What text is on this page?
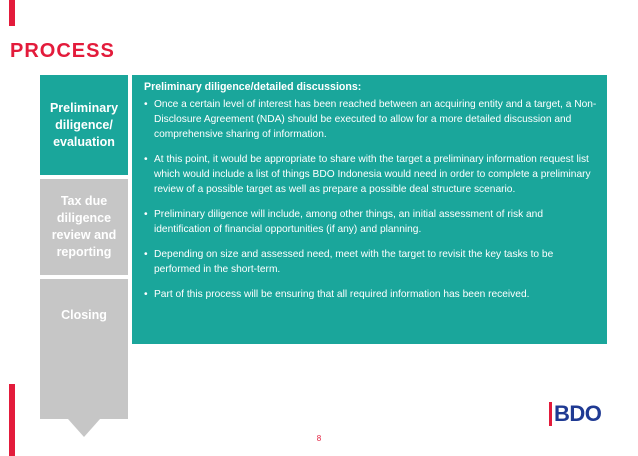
PROCESS
Preliminary diligence/ evaluation
Tax due diligence review and reporting
Closing

Preliminary diligence/detailed discussions:

• Once a certain level of interest has been reached between an acquiring entity and a target, a Non-Disclosure Agreement (NDA) should be executed to allow for a more detailed discussion and comprehensive sharing of information.
• At this point, it would be appropriate to share with the target a preliminary information request list which would include a list of things BDO Indonesia would need in order to complete a preliminary review of a possible target as well as prepare a possible deal structure scenario.
• Preliminary diligence will include, among other things, an initial assessment of risk and identification of financial opportunities (if any) and planning.
• Depending on size and assessed need, meet with the target to revisit the key tasks to be performed in the short-term.
• Part of this process will be ensuring that all required information has been received.
8
BDO
